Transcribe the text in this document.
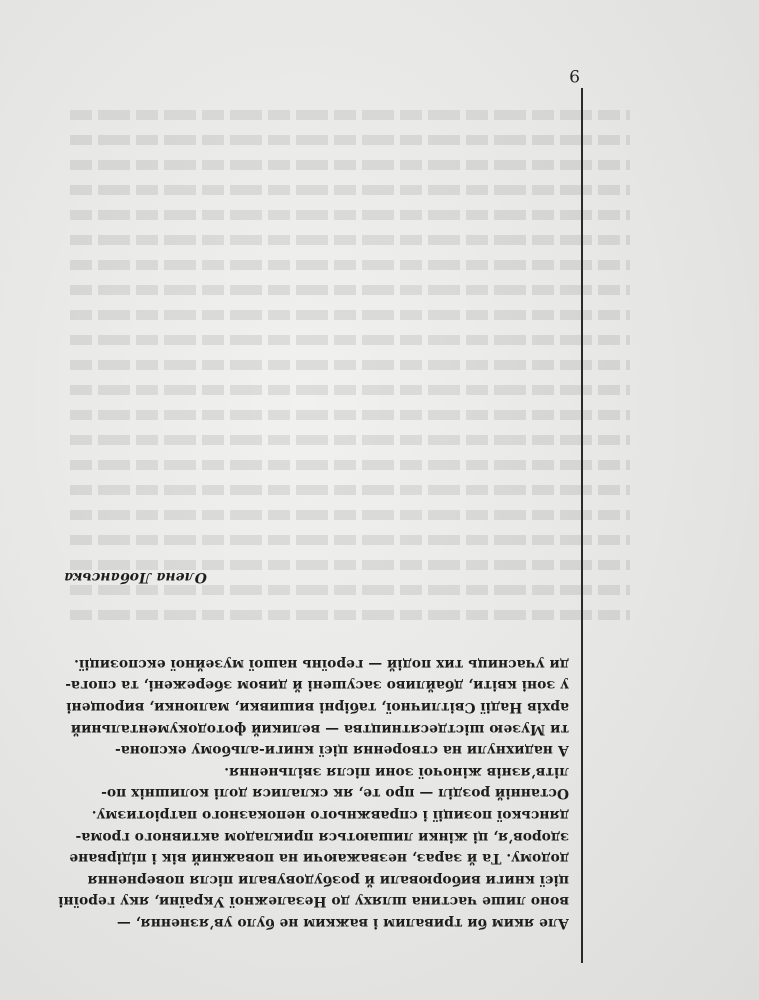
9

Але яким би тривалим і важким не було ув’язнення, —
воно лише частина шляху до Незалежної України, яку героїні
цієї книги виборювали й розбудовували після повернення
додому. Та й зараз, незважаючи на поважний вік і підірване
здоров’я, ці жінки лишаються прикладом активного грома-
дянської позиції і справжнього непоказного патріотизму.
Останній розділ — про те, як склалися долі колишніх по-
літв’язнів жіночої зони після звільнення.

А надихнули на створення цієї книги-альбому експона-
ти Музею шістдесятництва — великий фотодокументальний
архів Надії Світличної, табірні вишивки, малюнки, вирощені
у зоні квіти, дбайливо засушені й дивом збережені, та спога-
ди учасниць тих подій — героїнь нашої музейної експозиції.

Олена Лобанська
